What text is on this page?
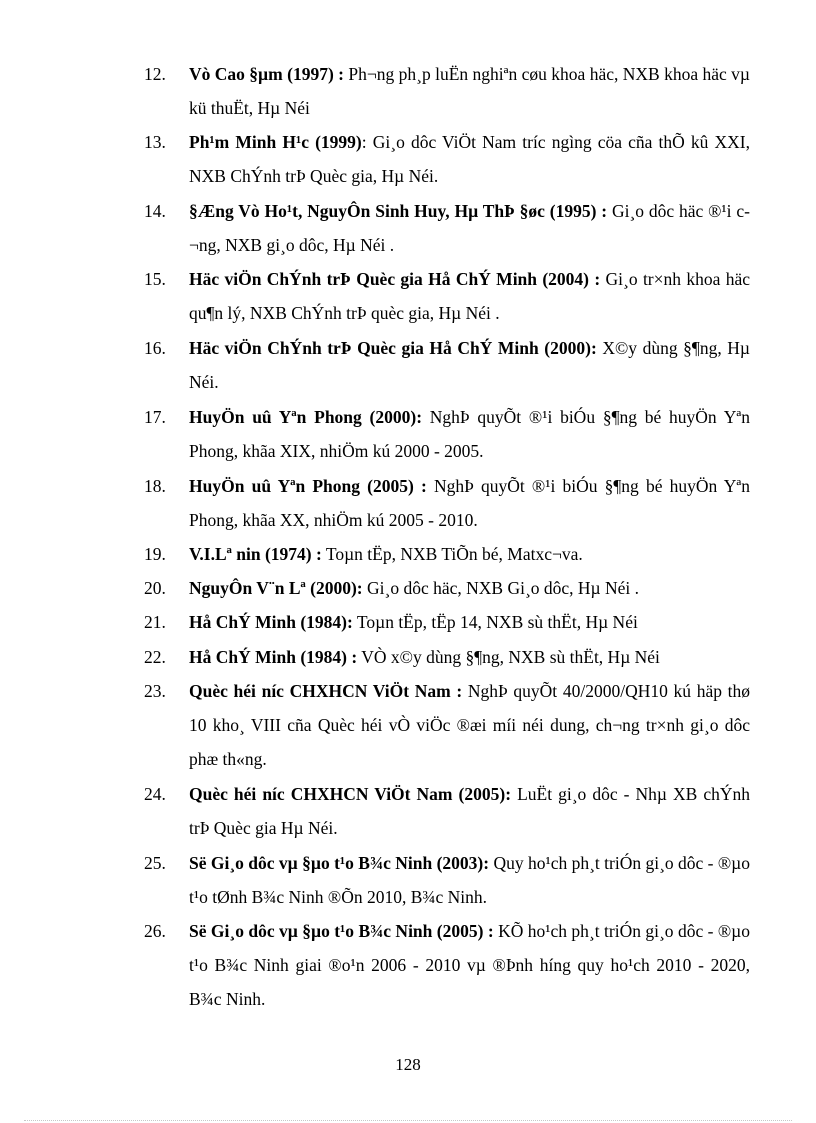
12.	Vò Cao §µm (1997) : Ph¬ng ph¸p luËn nghiªn cøu khoa häc, NXB khoa häc vµ kü thuËt, Hµ Néi
13.	Ph¹m Minh H¹c (1999): Gi¸o dôc ViÖt Nam tríc ngìng cöa cña thÕ kû XXI, NXB ChÝnh trÞ Quèc gia, Hµ Néi.
14.	§Æng Vò Ho¹t, NguyÔn Sinh Huy, Hµ ThÞ §øc (1995) : Gi¸o dôc häc ®¹i c¬ng, NXB gi¸o dôc, Hµ Néi .
15.	Häc viÖn ChÝnh trÞ Quèc gia Hå ChÝ Minh (2004) : Gi¸o tr×nh khoa häc qu¶n lý, NXB ChÝnh trÞ quèc gia, Hµ Néi .
16.	Häc viÖn ChÝnh trÞ Quèc gia Hå ChÝ Minh (2000): X©y dùng §¶ng, Hµ Néi.
17.	HuyÖn uû Yªn Phong (2000): NghÞ quyÕt ®¹i biÓu §¶ng bé huyÖn Yªn Phong, khãa XIX, nhiÖm kú 2000 - 2005.
18.	HuyÖn uû Yªn Phong (2005) : NghÞ quyÕt ®¹i biÓu §¶ng bé huyÖn Yªn Phong, khãa XX, nhiÖm kú 2005 - 2010.
19.	V.I.Lª nin (1974) : Toµn tËp, NXB TiÕn bé, Matxc¬va.
20.	NguyÔn V¨n Lª (2000): Gi¸o dôc häc, NXB Gi¸o dôc, Hµ Néi .
21.	Hå ChÝ Minh (1984): Toµn tËp, tËp 14, NXB sù thËt, Hµ Néi
22.	Hå ChÝ Minh (1984) : VÒ x©y dùng §¶ng, NXB sù thËt, Hµ Néi
23.	Quèc héi níc CHXHCN ViÖt Nam : NghÞ quyÕt 40/2000/QH10 kú häp thø 10 kho¸ VIII cña Quèc héi vÒ viÖc ®æi míi néi dung, ch¬ng tr×nh gi¸o dôc phæ th«ng.
24.	Quèc héi níc CHXHCN ViÖt Nam (2005): LuËt gi¸o dôc - Nhµ XB chÝnh trÞ Quèc gia Hµ Néi.
25.	Së Gi¸o dôc vµ §µo t¹o B¾c Ninh (2003): Quy ho¹ch ph¸t triÓn gi¸o dôc - ®µo t¹o tØnh B¾c Ninh ®Õn 2010, B¾c Ninh.
26.	Së Gi¸o dôc vµ §µo t¹o B¾c Ninh (2005) : KÕ ho¹ch ph¸t triÓn gi¸o dôc - ®µo t¹o B¾c Ninh giai ®o¹n 2006 - 2010 vµ ®Þnh híng quy ho¹ch 2010 - 2020, B¾c Ninh.
128
